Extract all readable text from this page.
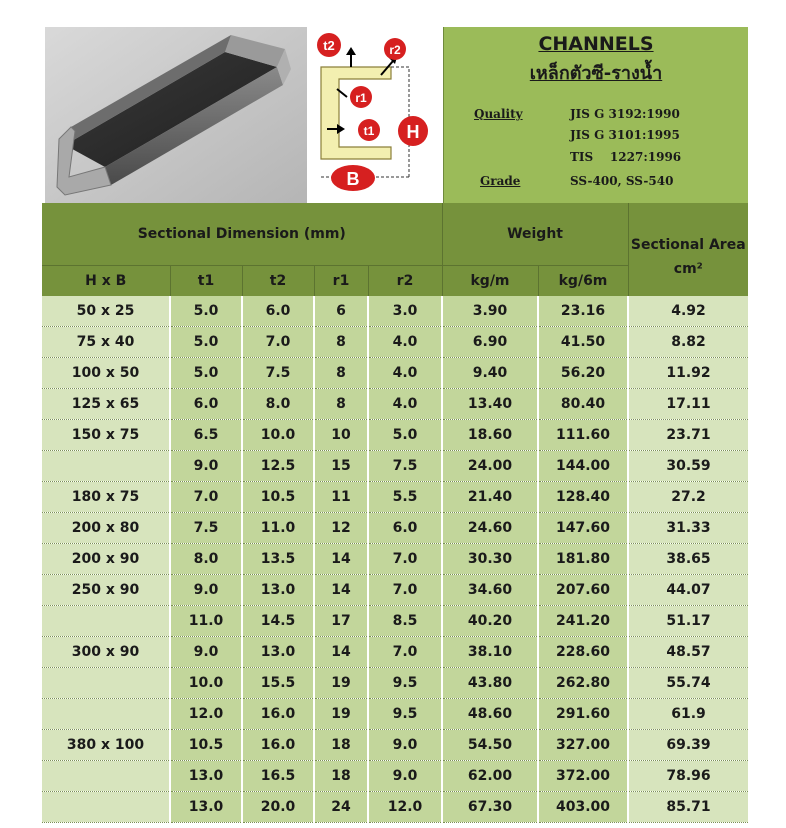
t2	r2
r1
t1 H
B
CHANNELS
เหล็กตัวซี-รางน้ำ
Quality	JIS G 3192:1990
JIS G 3101:1995
TIS    1227:1996
Grade	SS-400, SS-540
Sectional Dimension (mm)					Weight		Sectional Area
cm²

H x B	t1	t2	r1	r2	kg/m	kg/6m	
50 x 25	5.0	6.0	6	3.0	3.90	23.16	4.92
75 x 40	5.0	7.0	8	4.0	6.90	41.50	8.82
100 x 50	5.0	7.5	8	4.0	9.40	56.20	11.92
125 x 65	6.0	8.0	8	4.0	13.40	80.40	17.11
150 x 75	6.5	10.0	10	5.0	18.60	111.60	23.71
	9.0	12.5	15	7.5	24.00	144.00	30.59
180 x 75	7.0	10.5	11	5.5	21.40	128.40	27.2
200 x 80	7.5	11.0	12	6.0	24.60	147.60	31.33
200 x 90	8.0	13.5	14	7.0	30.30	181.80	38.65
250 x 90	9.0	13.0	14	7.0	34.60	207.60	44.07
	11.0	14.5	17	8.5	40.20	241.20	51.17
300 x 90	9.0	13.0	14	7.0	38.10	228.60	48.57
	10.0	15.5	19	9.5	43.80	262.80	55.74
	12.0	16.0	19	9.5	48.60	291.60	61.9
380 x 100	10.5	16.0	18	9.0	54.50	327.00	69.39
	13.0	16.5	18	9.0	62.00	372.00	78.96
	13.0	20.0	24	12.0	67.30	403.00	85.71
